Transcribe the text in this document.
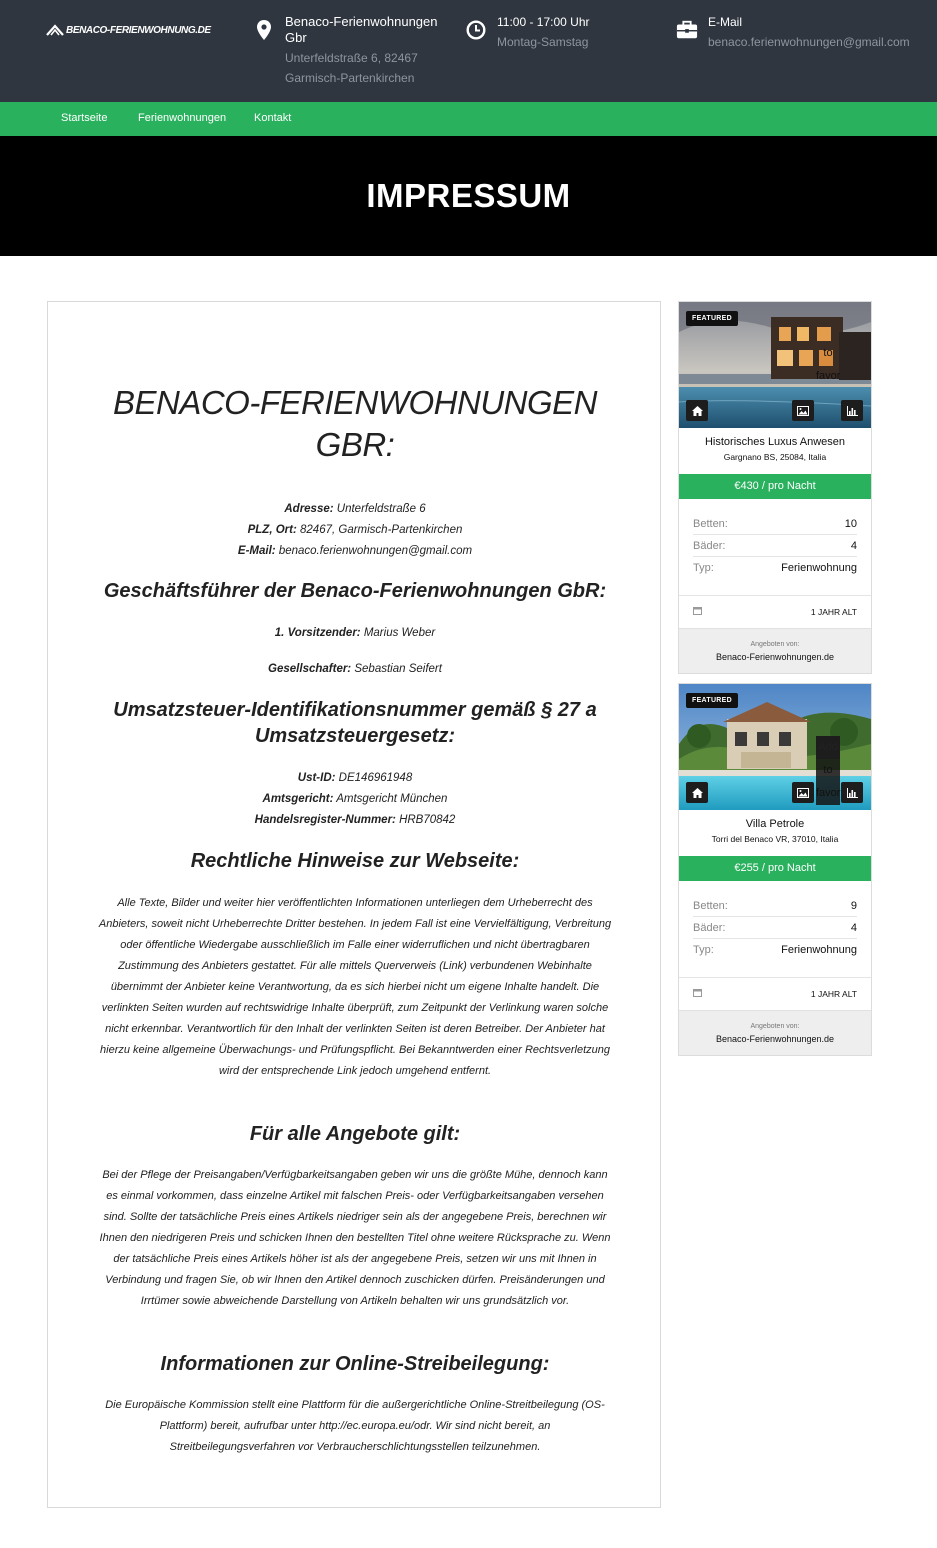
BENACO-FERIENWOHNUNG.DE
Benaco-Ferienwohnungen Gbr
Unterfeldstraße 6, 82467
Garmisch-Partenkirchen
11:00 - 17:00 Uhr
Montag-Samstag
E-Mail
benaco.ferienwohnungen@gmail.com
Startseite	Ferienwohnungen	Kontakt
IMPRESSUM
BENACO-FERIENWOHNUNGEN GBR:
Adresse: Unterfeldstraße 6
PLZ, Ort: 82467, Garmisch-Partenkirchen
E-Mail: benaco.ferienwohnungen@gmail.com
Geschäftsführer der Benaco-Ferienwohnungen GbR:
1. Vorsitzender: Marius Weber
Gesellschafter: Sebastian Seifert
Umsatzsteuer-Identifikationsnummer gemäß § 27 a Umsatzsteuergesetz:
Ust-ID: DE146961948
Amtsgericht: Amtsgericht München
Handelsregister-Nummer: HRB70842
Rechtliche Hinweise zur Webseite:
Alle Texte, Bilder und weiter hier veröffentlichten Informationen unterliegen dem Urheberrecht des Anbieters, soweit nicht Urheberrechte Dritter bestehen. In jedem Fall ist eine Vervielfältigung, Verbreitung oder öffentliche Wiedergabe ausschließlich im Falle einer widerruflichen und nicht übertragbaren Zustimmung des Anbieters gestattet. Für alle mittels Querverweis (Link) verbundenen Webinhalte übernimmt der Anbieter keine Verantwortung, da es sich hierbei nicht um eigene Inhalte handelt. Die verlinkten Seiten wurden auf rechtswidrige Inhalte überprüft, zum Zeitpunkt der Verlinkung waren solche nicht erkennbar. Verantwortlich für den Inhalt der verlinkten Seiten ist deren Betreiber. Der Anbieter hat hierzu keine allgemeine Überwachungs- und Prüfungspflicht. Bei Bekanntwerden einer Rechtsverletzung wird der entsprechende Link jedoch umgehend entfernt.
Für alle Angebote gilt:
Bei der Pflege der Preisangaben/Verfügbarkeitsangaben geben wir uns die größte Mühe, dennoch kann es einmal vorkommen, dass einzelne Artikel mit falschen Preis- oder Verfügbarkeitsangaben versehen sind. Sollte der tatsächliche Preis eines Artikels niedriger sein als der angegebene Preis, berechnen wir Ihnen den niedrigeren Preis und schicken Ihnen den bestellten Titel ohne weitere Rücksprache zu. Wenn der tatsächliche Preis eines Artikels höher ist als der angegebene Preis, setzen wir uns mit Ihnen in Verbindung und fragen Sie, ob wir Ihnen den Artikel dennoch zuschicken dürfen. Preisänderungen und Irrtümer sowie abweichende Darstellung von Artikeln behalten wir uns grundsätzlich vor.
Informationen zur Online-Streibeilegung:
Die Europäische Kommission stellt eine Plattform für die außergerichtliche Online-Streitbeilegung (OS-Plattform) bereit, aufrufbar unter http://ec.europa.eu/odr. Wir sind nicht bereit, an Streitbeilegungsverfahren vor Verbraucherschlichtungsstellen teilzunehmen.
FEATURED
to
favor
Historisches Luxus Anwesen
Gargnano BS, 25084, Italia
€430 / pro Nacht
Betten:	10
Bäder:	4
Typ:	Ferienwohnung
1 JAHR ALT
Angeboten von:
Benaco-Ferienwohnungen.de
FEATURED
Add
to
favor
Villa Petrole
Torri del Benaco VR, 37010, Italia
€255 / pro Nacht
Betten:	9
Bäder:	4
Typ:	Ferienwohnung
1 JAHR ALT
Angeboten von:
Benaco-Ferienwohnungen.de
